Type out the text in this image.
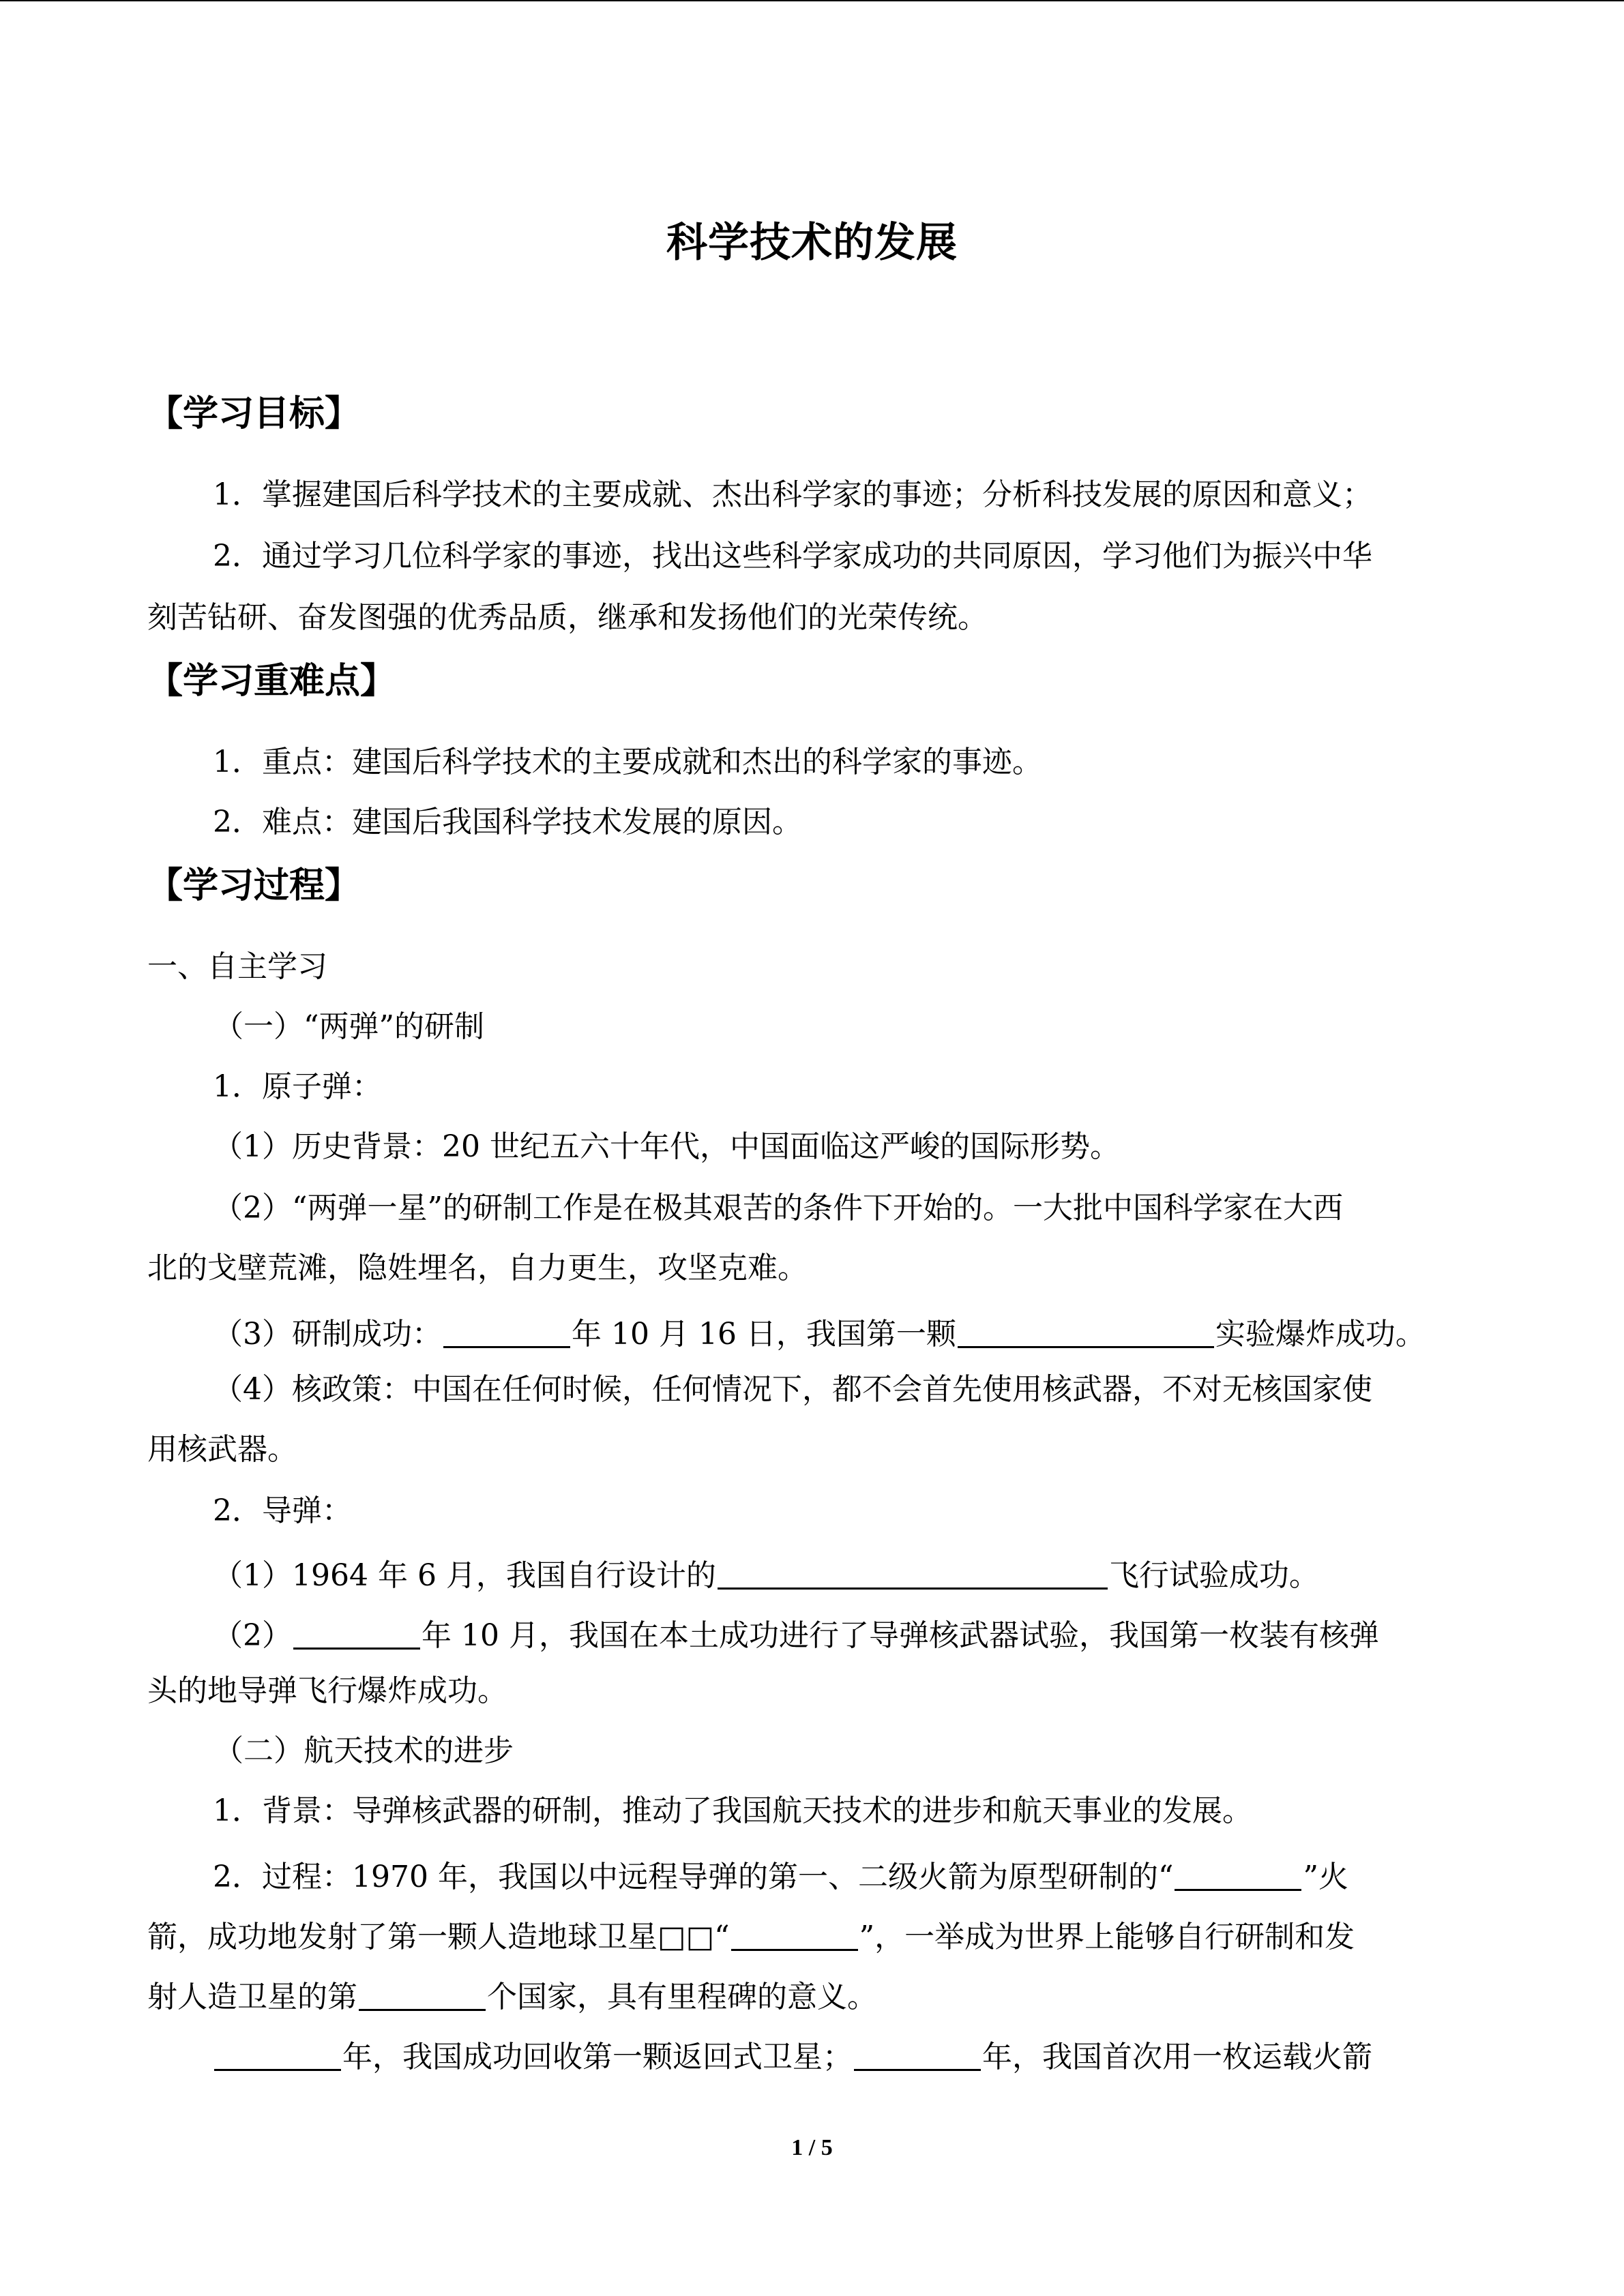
科学技术的发展
【学习目标】
1．掌握建国后科学技术的主要成就、杰出科学家的事迹；分析科技发展的原因和意义；
2．通过学习几位科学家的事迹，找出这些科学家成功的共同原因，学习他们为振兴中华
刻苦钻研、奋发图强的优秀品质，继承和发扬他们的光荣传统。
【学习重难点】
1．重点：建国后科学技术的主要成就和杰出的科学家的事迹。
2．难点：建国后我国科学技术发展的原因。
【学习过程】
一、自主学习
（一）“两弹”的研制
1．原子弹：
（1）历史背景：20 世纪五六十年代，中国面临这严峻的国际形势。
（2）“两弹一星”的研制工作是在极其艰苦的条件下开始的。一大批中国科学家在大西
北的戈壁荒滩，隐姓埋名，自力更生，攻坚克难。
（3）研制成功：	年 10 月 16 日，我国第一颗	实验爆炸成功。
（4）核政策：中国在任何时候，任何情况下，都不会首先使用核武器，不对无核国家使
用核武器。
2．导弹：
（1）1964 年 6 月，我国自行设计的	飞行试验成功。
（2）	年 10 月，我国在本土成功进行了导弹核武器试验，我国第一枚装有核弹
头的地导弹飞行爆炸成功。
（二）航天技术的进步
1．背景：导弹核武器的研制，推动了我国航天技术的进步和航天事业的发展。
2．过程：1970 年，我国以中远程导弹的第一、二级火箭为原型研制的“	”火
箭，成功地发射了第一颗人造地球卫星□□“	”，一举成为世界上能够自行研制和发
射人造卫星的第	个国家，具有里程碑的意义。
年，我国成功回收第一颗返回式卫星；	年，我国首次用一枚运载火箭
1 / 5
